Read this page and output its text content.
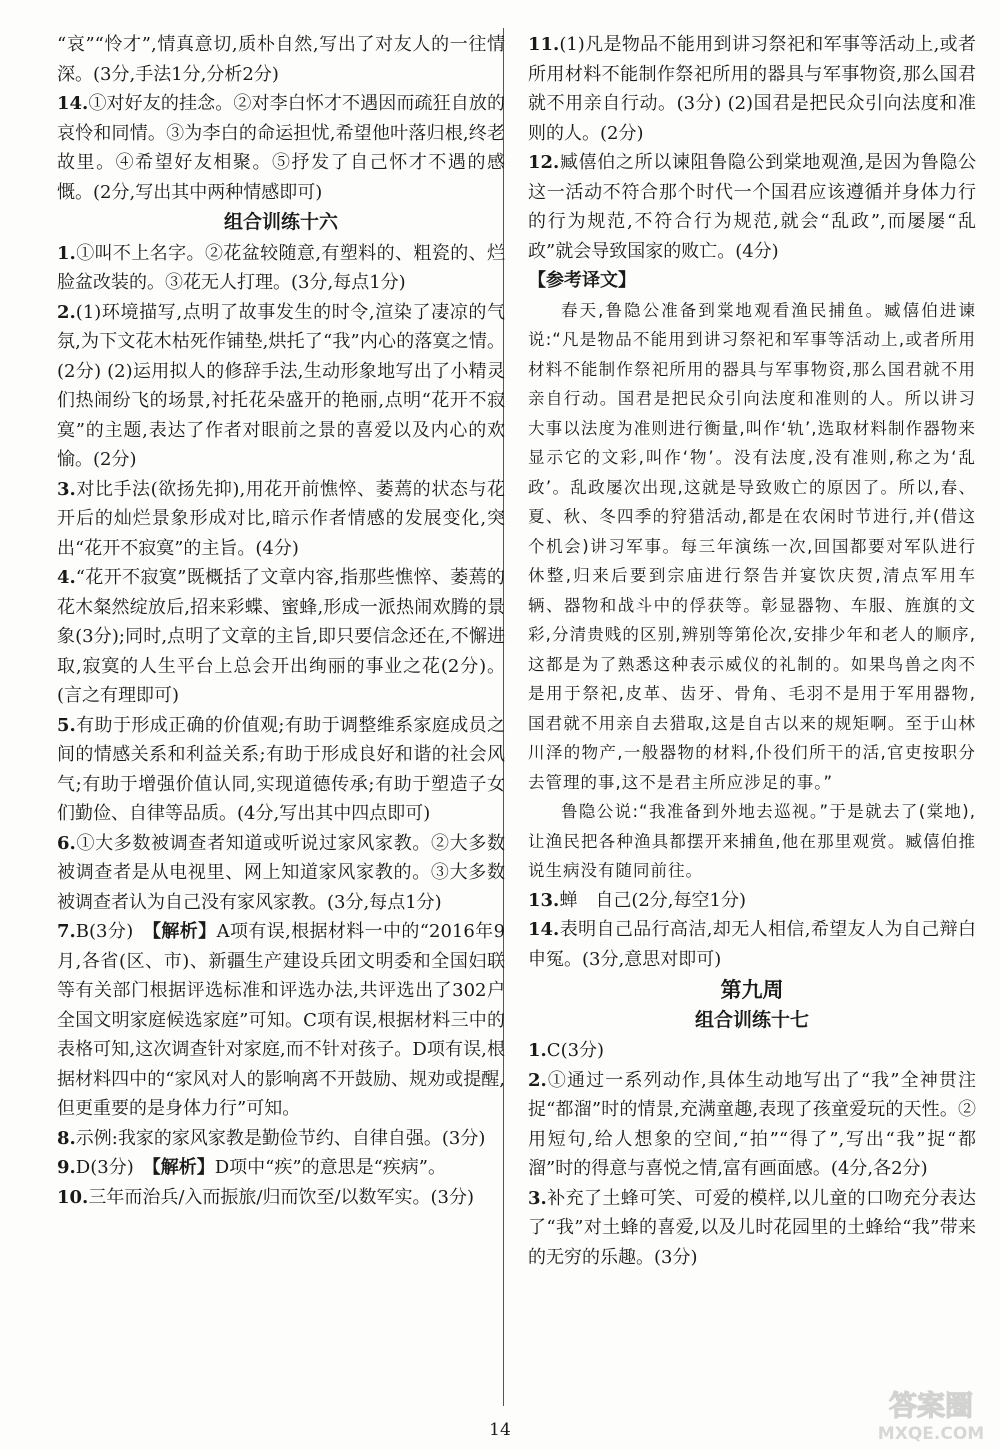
“哀”“怜才”,情真意切,质朴自然,写出了对友人的一往情深。(3分,手法1分,分析2分)

14.①对好友的挂念。②对李白怀才不遇因而疏狂自放的哀怜和同情。③为李白的命运担忧,希望他叶落归根,终老故里。④希望好友相聚。⑤抒发了自己怀才不遇的感慨。(2分,写出其中两种情感即可)

组合训练十六

1.①叫不上名字。②花盆较随意,有塑料的、粗瓷的、烂脸盆改装的。③花无人打理。(3分,每点1分)

2.(1)环境描写,点明了故事发生的时令,渲染了凄凉的气氛,为下文花木枯死作铺垫,烘托了“我”内心的落寞之情。(2分) (2)运用拟人的修辞手法,生动形象地写出了小精灵们热闹纷飞的场景,衬托花朵盛开的艳丽,点明“花开不寂寞”的主题,表达了作者对眼前之景的喜爱以及内心的欢愉。(2分)

3.对比手法(欲扬先抑),用花开前憔悴、萎蔫的状态与花开后的灿烂景象形成对比,暗示作者情感的发展变化,突出“花开不寂寞”的主旨。(4分)

4.“花开不寂寞”既概括了文章内容,指那些憔悴、萎蔫的花木粲然绽放后,招来彩蝶、蜜蜂,形成一派热闹欢腾的景象(3分);同时,点明了文章的主旨,即只要信念还在,不懈进取,寂寞的人生平台上总会开出绚丽的事业之花(2分)。(言之有理即可)

5.有助于形成正确的价值观;有助于调整维系家庭成员之间的情感关系和利益关系;有助于形成良好和谐的社会风气;有助于增强价值认同,实现道德传承;有助于塑造子女们勤俭、自律等品质。(4分,写出其中四点即可)

6.①大多数被调查者知道或听说过家风家教。②大多数被调查者是从电视里、网上知道家风家教的。③大多数被调查者认为自己没有家风家教。(3分,每点1分)

7.B(3分)　 【解析】A项有误,根据材料一中的“2016年9月,各省(区、市)、新疆生产建设兵团文明委和全国妇联等有关部门根据评选标准和评选办法,共评选出了302户全国文明家庭候选家庭”可知。C项有误,根据材料三中的表格可知,这次调查针对家庭,而不针对孩子。D项有误,根据材料四中的“家风对人的影响离不开鼓励、规劝或提醒,但更重要的是身体力行”可知。

8.示例:我家的家风家教是勤俭节约、自律自强。(3分)

9.D(3分)　 【解析】D项中“疾”的意思是“疾病”。

10.三年而治兵/入而振旅/归而饮至/以数军实。(3分)

11.(1)凡是物品不能用到讲习祭祀和军事等活动上,或者所用材料不能制作祭祀所用的器具与军事物资,那么国君就不用亲自行动。(3分) (2)国君是把民众引向法度和准则的人。(2分)

12.臧僖伯之所以谏阻鲁隐公到棠地观渔,是因为鲁隐公这一活动不符合那个时代一个国君应该遵循并身体力行的行为规范,不符合行为规范,就会“乱政”,而屡屡“乱政”就会导致国家的败亡。(4分)

【参考译文】

春天,鲁隐公准备到棠地观看渔民捕鱼。臧僖伯进谏说:“凡是物品不能用到讲习祭祀和军事等活动上,或者所用材料不能制作祭祀所用的器具与军事物资,那么国君就不用亲自行动。国君是把民众引向法度和准则的人。所以讲习大事以法度为准则进行衡量,叫作‘轨’,选取材料制作器物来显示它的文彩,叫作‘物’。没有法度,没有准则,称之为‘乱政’。乱政屡次出现,这就是导致败亡的原因了。所以,春、夏、秋、冬四季的狩猎活动,都是在农闲时节进行,并(借这个机会)讲习军事。每三年演练一次,回国都要对军队进行休整,归来后要到宗庙进行祭告并宴饮庆贺,清点军用车辆、器物和战斗中的俘获等。彰显器物、车服、旌旗的文彩,分清贵贱的区别,辨别等第伦次,安排少年和老人的顺序,这都是为了熟悉这种表示威仪的礼制的。如果鸟兽之肉不是用于祭祀,皮革、齿牙、骨角、毛羽不是用于军用器物,国君就不用亲自去猎取,这是自古以来的规矩啊。至于山林川泽的物产,一般器物的材料,仆役们所干的活,官吏按职分去管理的事,这不是君主所应涉足的事。”

鲁隐公说:“我准备到外地去巡视。”于是就去了(棠地),让渔民把各种渔具都摆开来捕鱼,他在那里观赏。臧僖伯推说生病没有随同前往。

13.蝉　自己(2分,每空1分)

14.表明自己品行高洁,却无人相信,希望友人为自己辩白申冤。(3分,意思对即可)

第九周

组合训练十七

1.C(3分)

2.①通过一系列动作,具体生动地写出了“我”全神贯注捉“都溜”时的情景,充满童趣,表现了孩童爱玩的天性。②用短句,给人想象的空间,“拍”“得了”,写出“我”捉“都溜”时的得意与喜悦之情,富有画面感。(4分,各2分)

3.补充了土蜂可笑、可爱的模样,以儿童的口吻充分表达了“我”对土蜂的喜爱,以及儿时花园里的土蜂给“我”带来的无穷的乐趣。(3分)

14
答案圈
MXQE.COM
